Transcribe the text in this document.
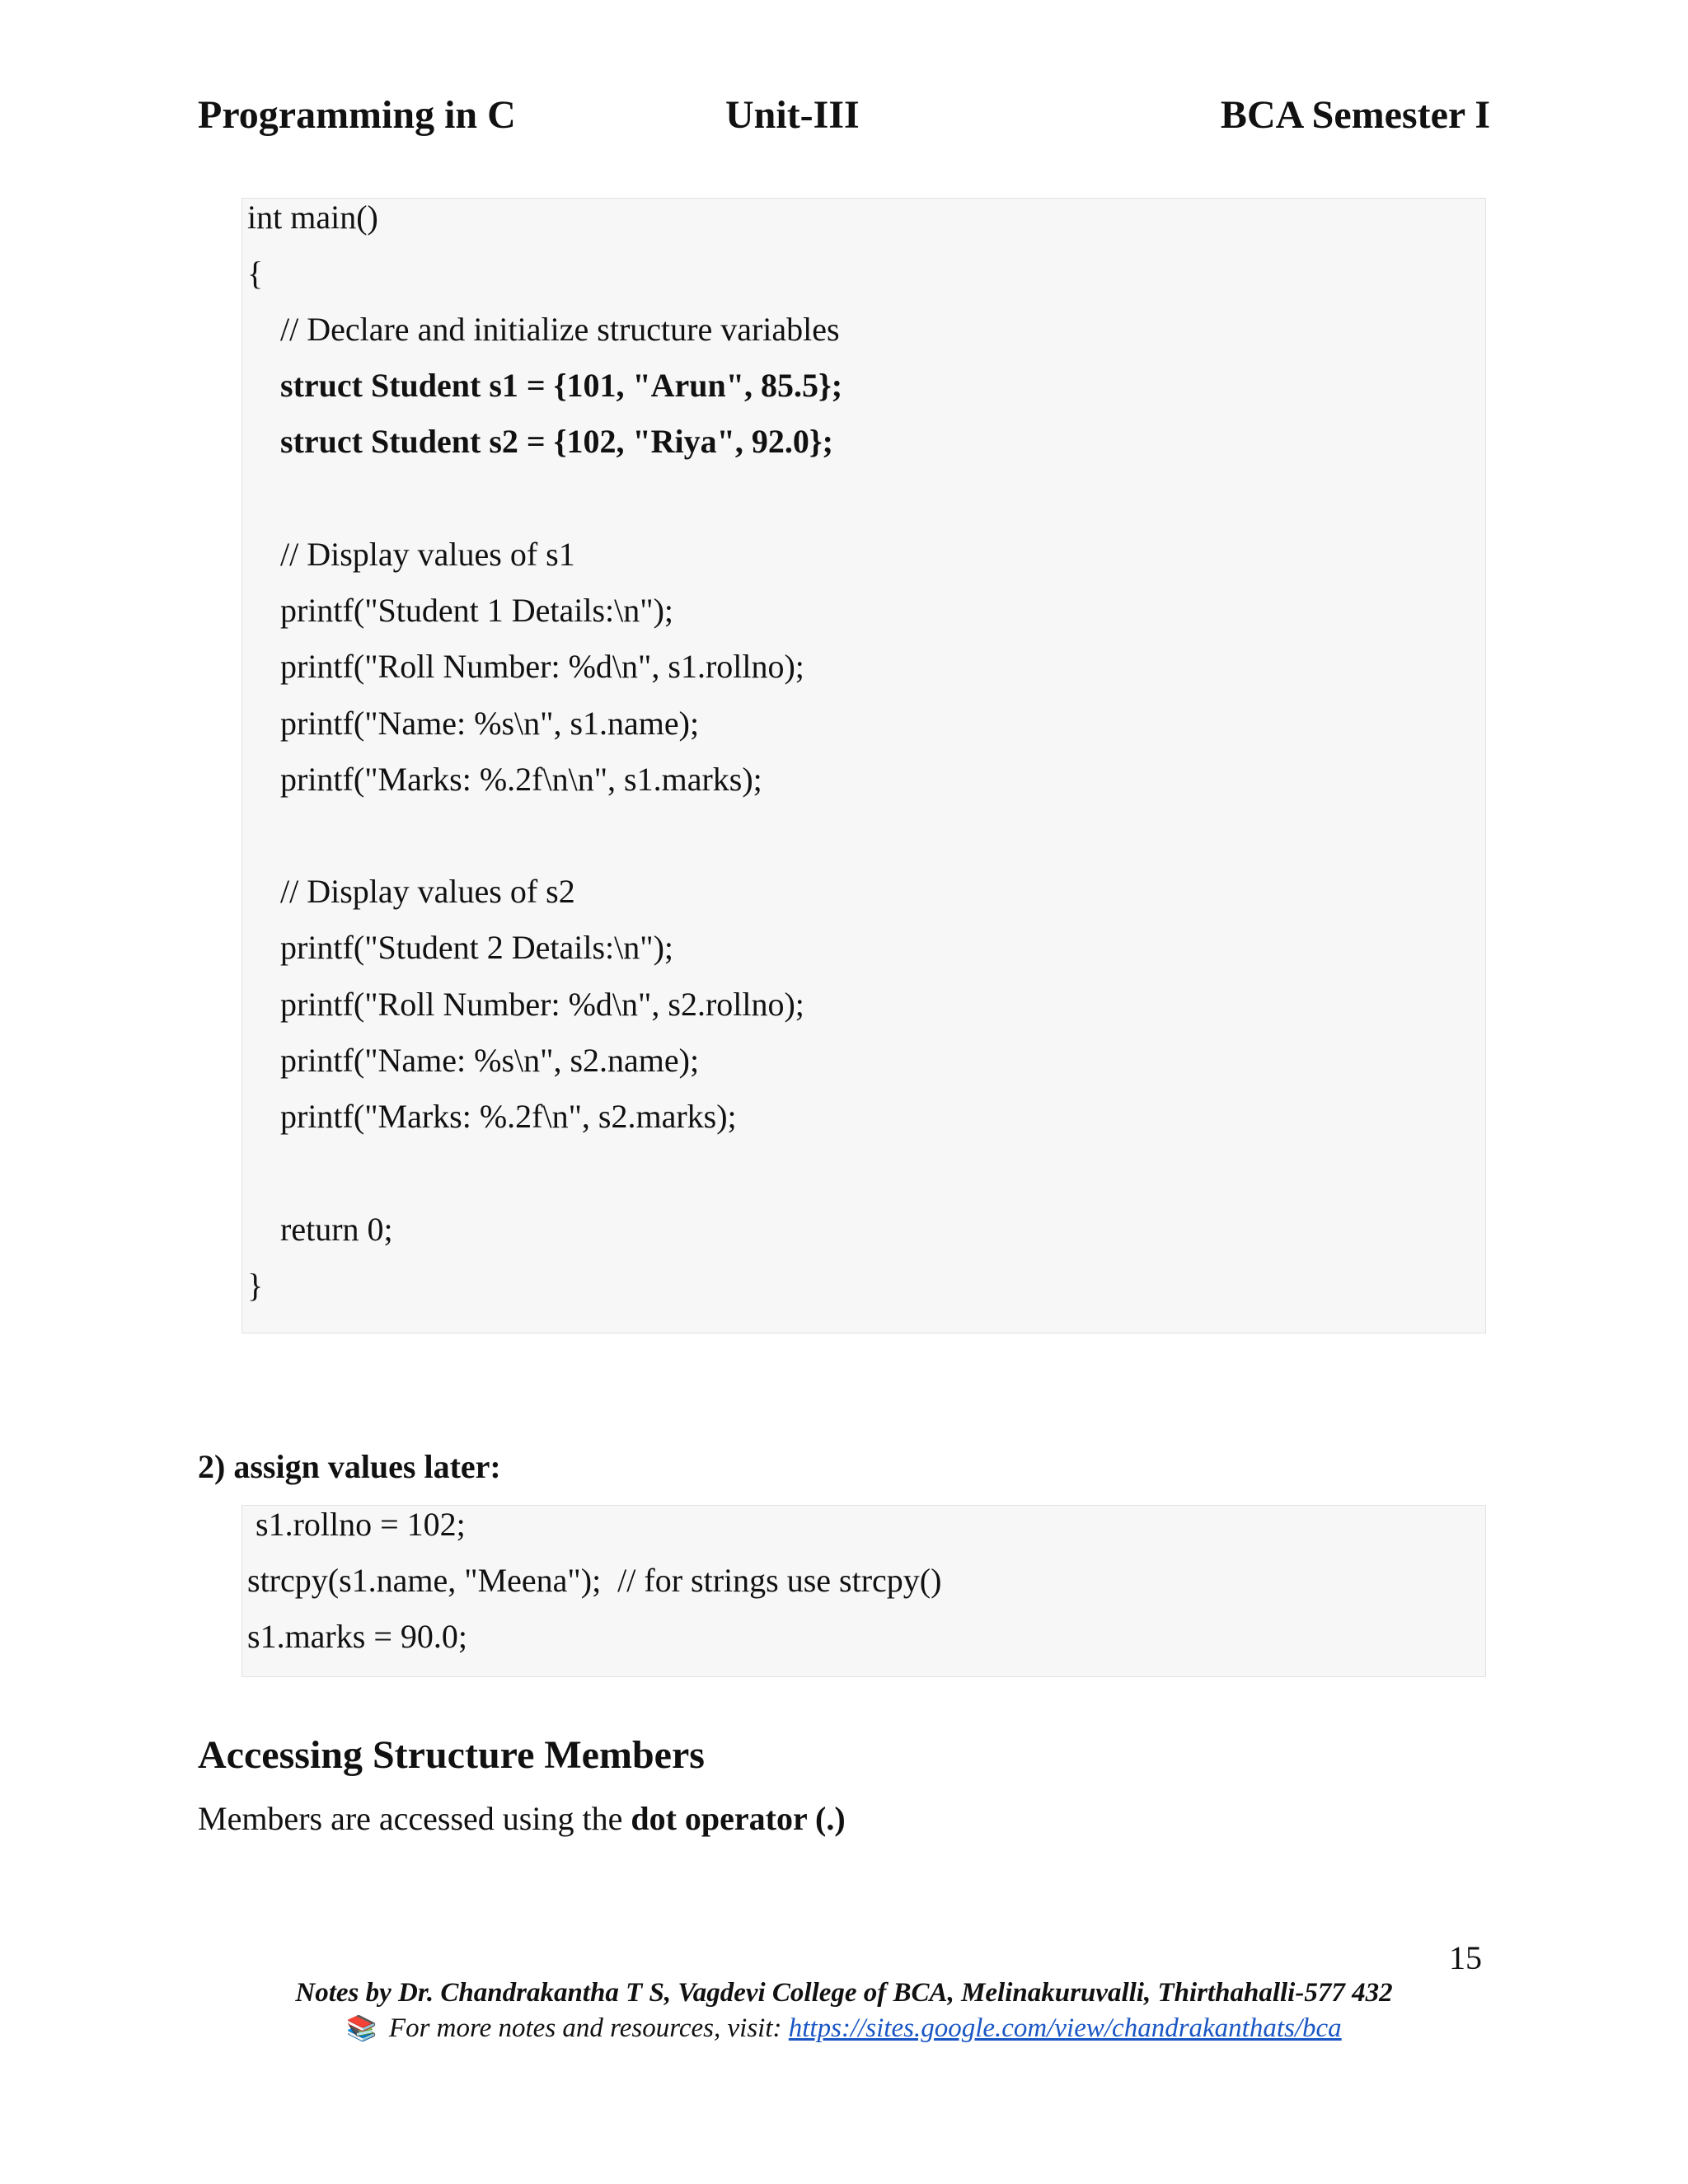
Programming in C	Unit-III	BCA Semester I
int main()
{
// Declare and initialize structure variables
struct Student s1 = {101, "Arun", 85.5};
struct Student s2 = {102, "Riya", 92.0};
// Display values of s1
printf("Student 1 Details:\n");
printf("Roll Number: %d\n", s1.rollno);
printf("Name: %s\n", s1.name);
printf("Marks: %.2f\n\n", s1.marks);
// Display values of s2
printf("Student 2 Details:\n");
printf("Roll Number: %d\n", s2.rollno);
printf("Name: %s\n", s2.name);
printf("Marks: %.2f\n", s2.marks);
return 0;
}
2) assign values later:
s1.rollno = 102;
strcpy(s1.name, "Meena");  // for strings use strcpy()
s1.marks = 90.0;
Accessing Structure Members
Members are accessed using the dot operator (.)
15
Notes by Dr. Chandrakantha T S, Vagdevi College of BCA, Melinakuruvalli, Thirthahalli-577 432
📚 For more notes and resources, visit: https://sites.google.com/view/chandrakanthats/bca
